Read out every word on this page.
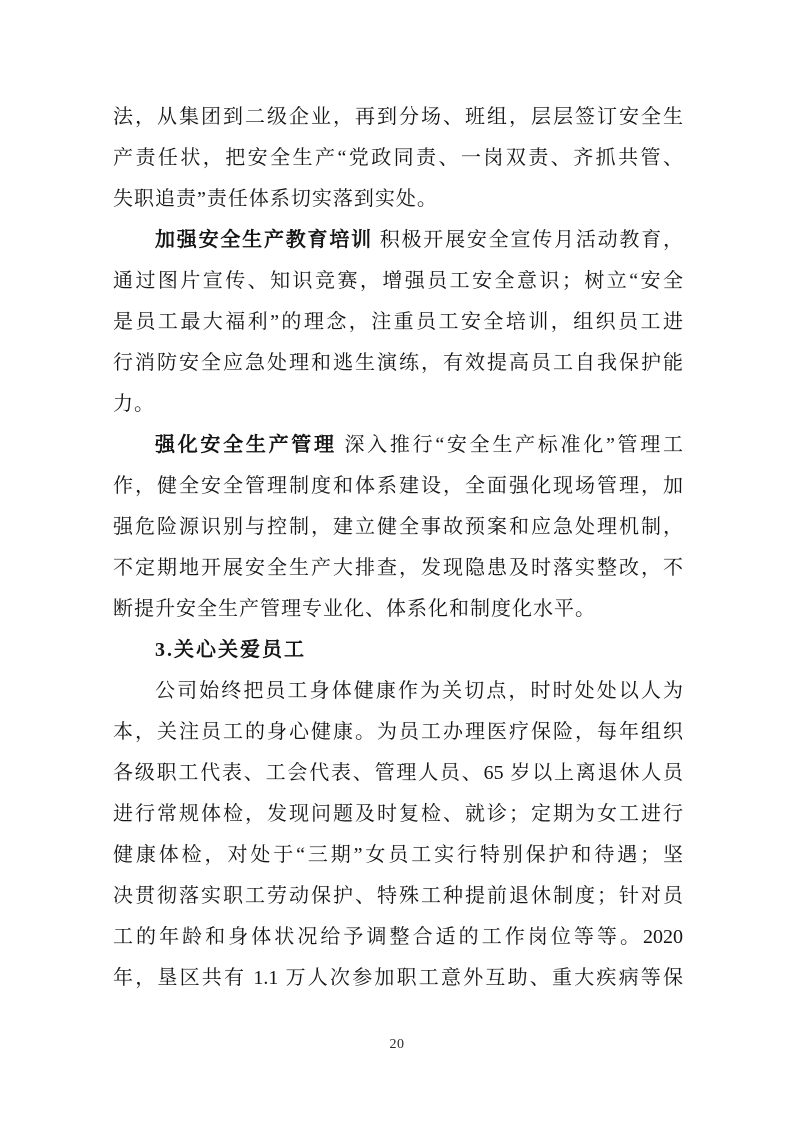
法，从集团到二级企业，再到分场、班组，层层签订安全生
产责任状，把安全生产“党政同责、一岗双责、齐抓共管、
失职追责”责任体系切实落到实处。
加强安全生产教育培训 积极开展安全宣传月活动教育，
通过图片宣传、知识竞赛，增强员工安全意识；树立“安全
是员工最大福利”的理念，注重员工安全培训，组织员工进
行消防安全应急处理和逃生演练，有效提高员工自我保护能
力。
强化安全生产管理 深入推行“安全生产标准化”管理工
作，健全安全管理制度和体系建设，全面强化现场管理，加
强危险源识别与控制，建立健全事故预案和应急处理机制，
不定期地开展安全生产大排查，发现隐患及时落实整改，不
断提升安全生产管理专业化、体系化和制度化水平。
3.关心关爱员工
公司始终把员工身体健康作为关切点，时时处处以人为
本，关注员工的身心健康。为员工办理医疗保险，每年组织
各级职工代表、工会代表、管理人员、65 岁以上离退休人员
进行常规体检，发现问题及时复检、就诊；定期为女工进行
健康体检，对处于“三期”女员工实行特别保护和待遇；坚
决贯彻落实职工劳动保护、特殊工种提前退休制度；针对员
工的年龄和身体状况给予调整合适的工作岗位等等。2020
年，垦区共有 1.1 万人次参加职工意外互助、重大疾病等保
20
